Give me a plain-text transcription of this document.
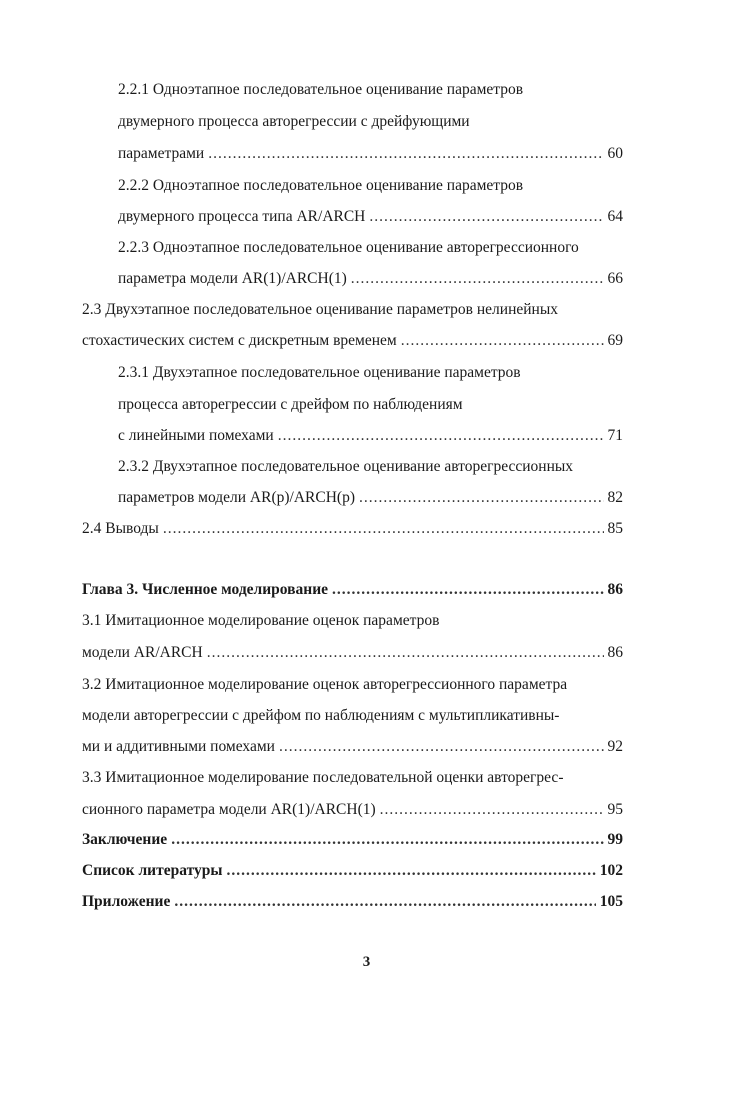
2.2.1 Одноэтапное последовательное оценивание параметров
двумерного процесса авторегрессии с дрейфующими
параметрами .....	60
2.2.2 Одноэтапное последовательное оценивание параметров
двумерного процесса типа AR/ARCH .....	64
2.2.3 Одноэтапное последовательное оценивание авторегрессионного
параметра модели AR(1)/ARCH(1) .....	66
2.3 Двухэтапное последовательное оценивание параметров нелинейных
стохастических систем с дискретным временем .....	69
2.3.1 Двухэтапное последовательное оценивание параметров
процесса авторегрессии с дрейфом по наблюдениям
с линейными помехами .....	71
2.3.2 Двухэтапное последовательное оценивание авторегрессионных
параметров модели AR(p)/ARCH(p) .....	82
2.4 Выводы .....	85
Глава 3. Численное моделирование .....	86
3.1 Имитационное моделирование оценок параметров
модели AR/ARCH .....	86
3.2 Имитационное моделирование оценок авторегрессионного параметра
модели авторегрессии с дрейфом по наблюдениям с мультипликативны-
ми и аддитивными помехами .....	92
3.3 Имитационное моделирование последовательной оценки авторегрес-
сионного параметра модели AR(1)/ARCH(1) .....	95
Заключение .....	99
Список литературы .....	102
Приложение .....	105
3
